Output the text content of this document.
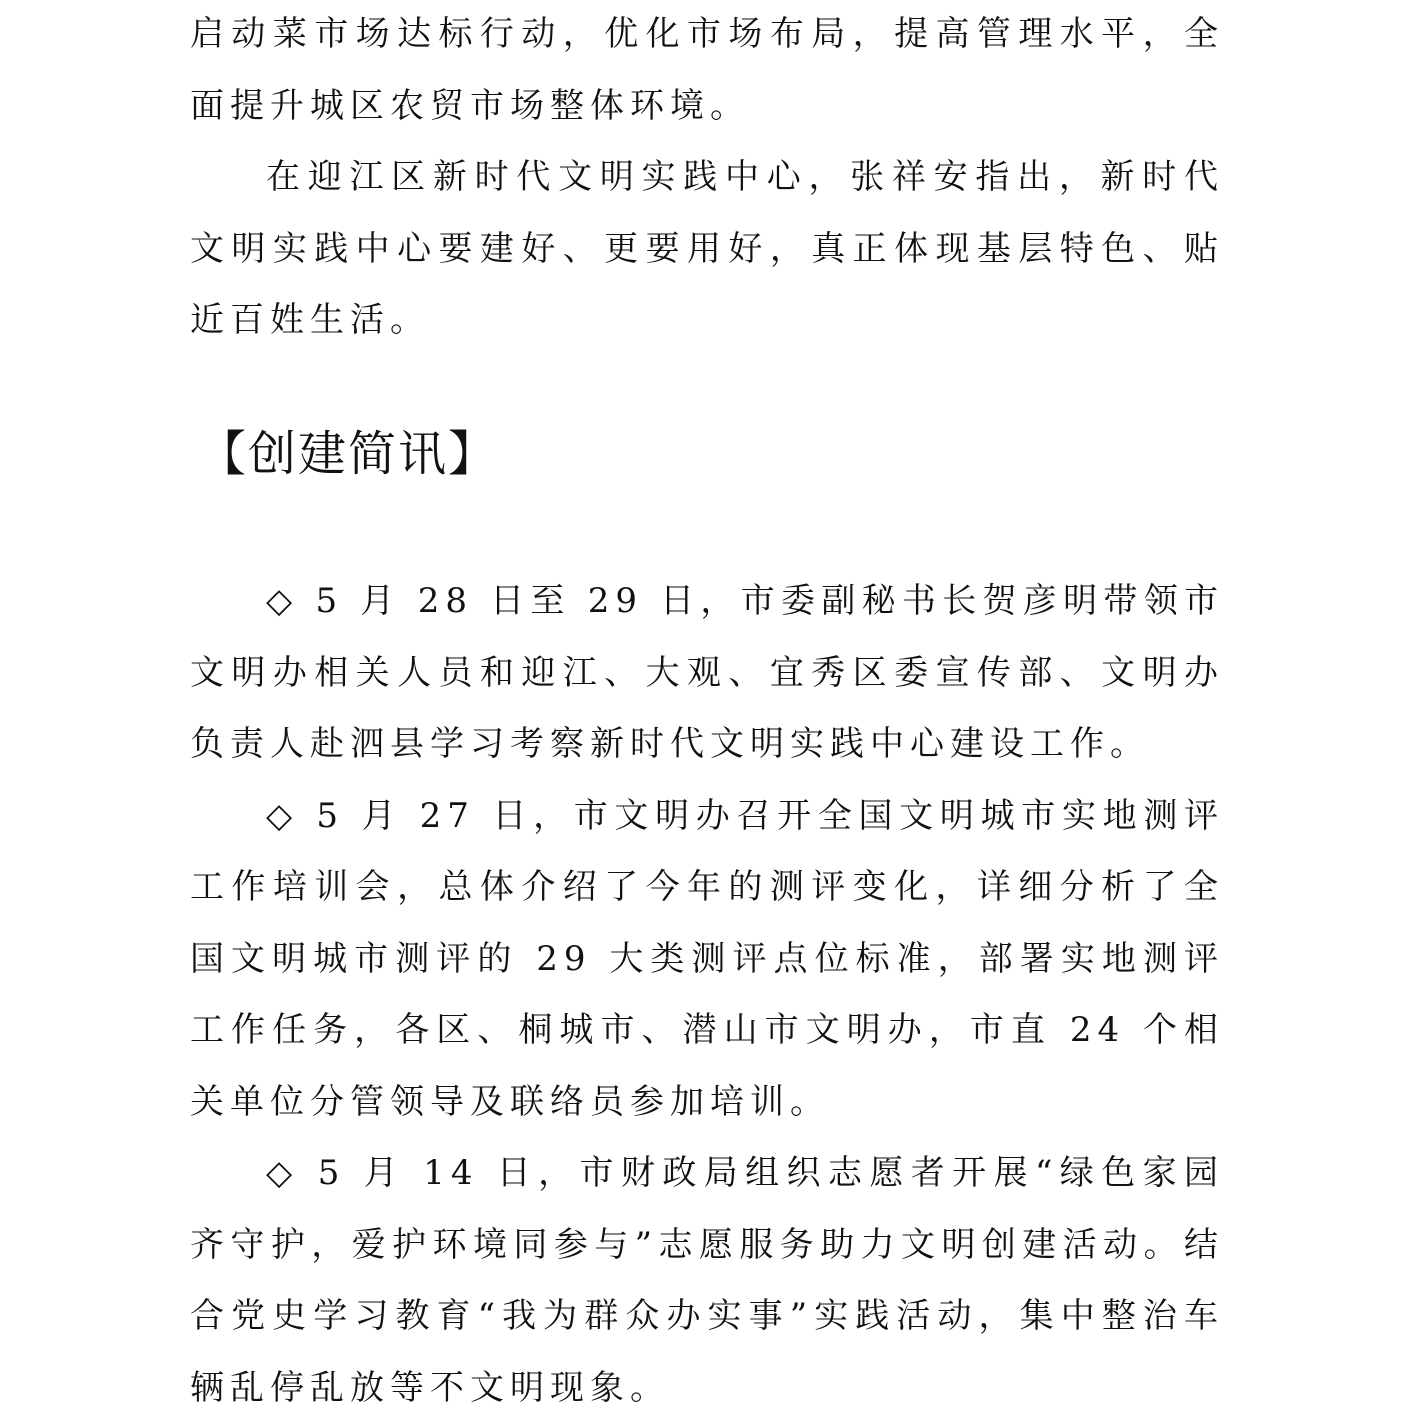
启动菜市场达标行动，优化市场布局，提高管理水平，全面提升城区农贸市场整体环境。

在迎江区新时代文明实践中心，张祥安指出，新时代文明实践中心要建好、更要用好，真正体现基层特色、贴近百姓生活。

【创建简讯】

◇ 5 月 28 日至 29 日，市委副秘书长贺彦明带领市文明办相关人员和迎江、大观、宜秀区委宣传部、文明办负责人赴泗县学习考察新时代文明实践中心建设工作。

◇ 5 月 27 日，市文明办召开全国文明城市实地测评工作培训会，总体介绍了今年的测评变化，详细分析了全国文明城市测评的 29 大类测评点位标准，部署实地测评工作任务，各区、桐城市、潜山市文明办，市直 24 个相关单位分管领导及联络员参加培训。

◇ 5 月 14 日，市财政局组织志愿者开展“绿色家园齐守护，爱护环境同参与”志愿服务助力文明创建活动。结合党史学习教育“我为群众办实事”实践活动，集中整治车辆乱停乱放等不文明现象。
